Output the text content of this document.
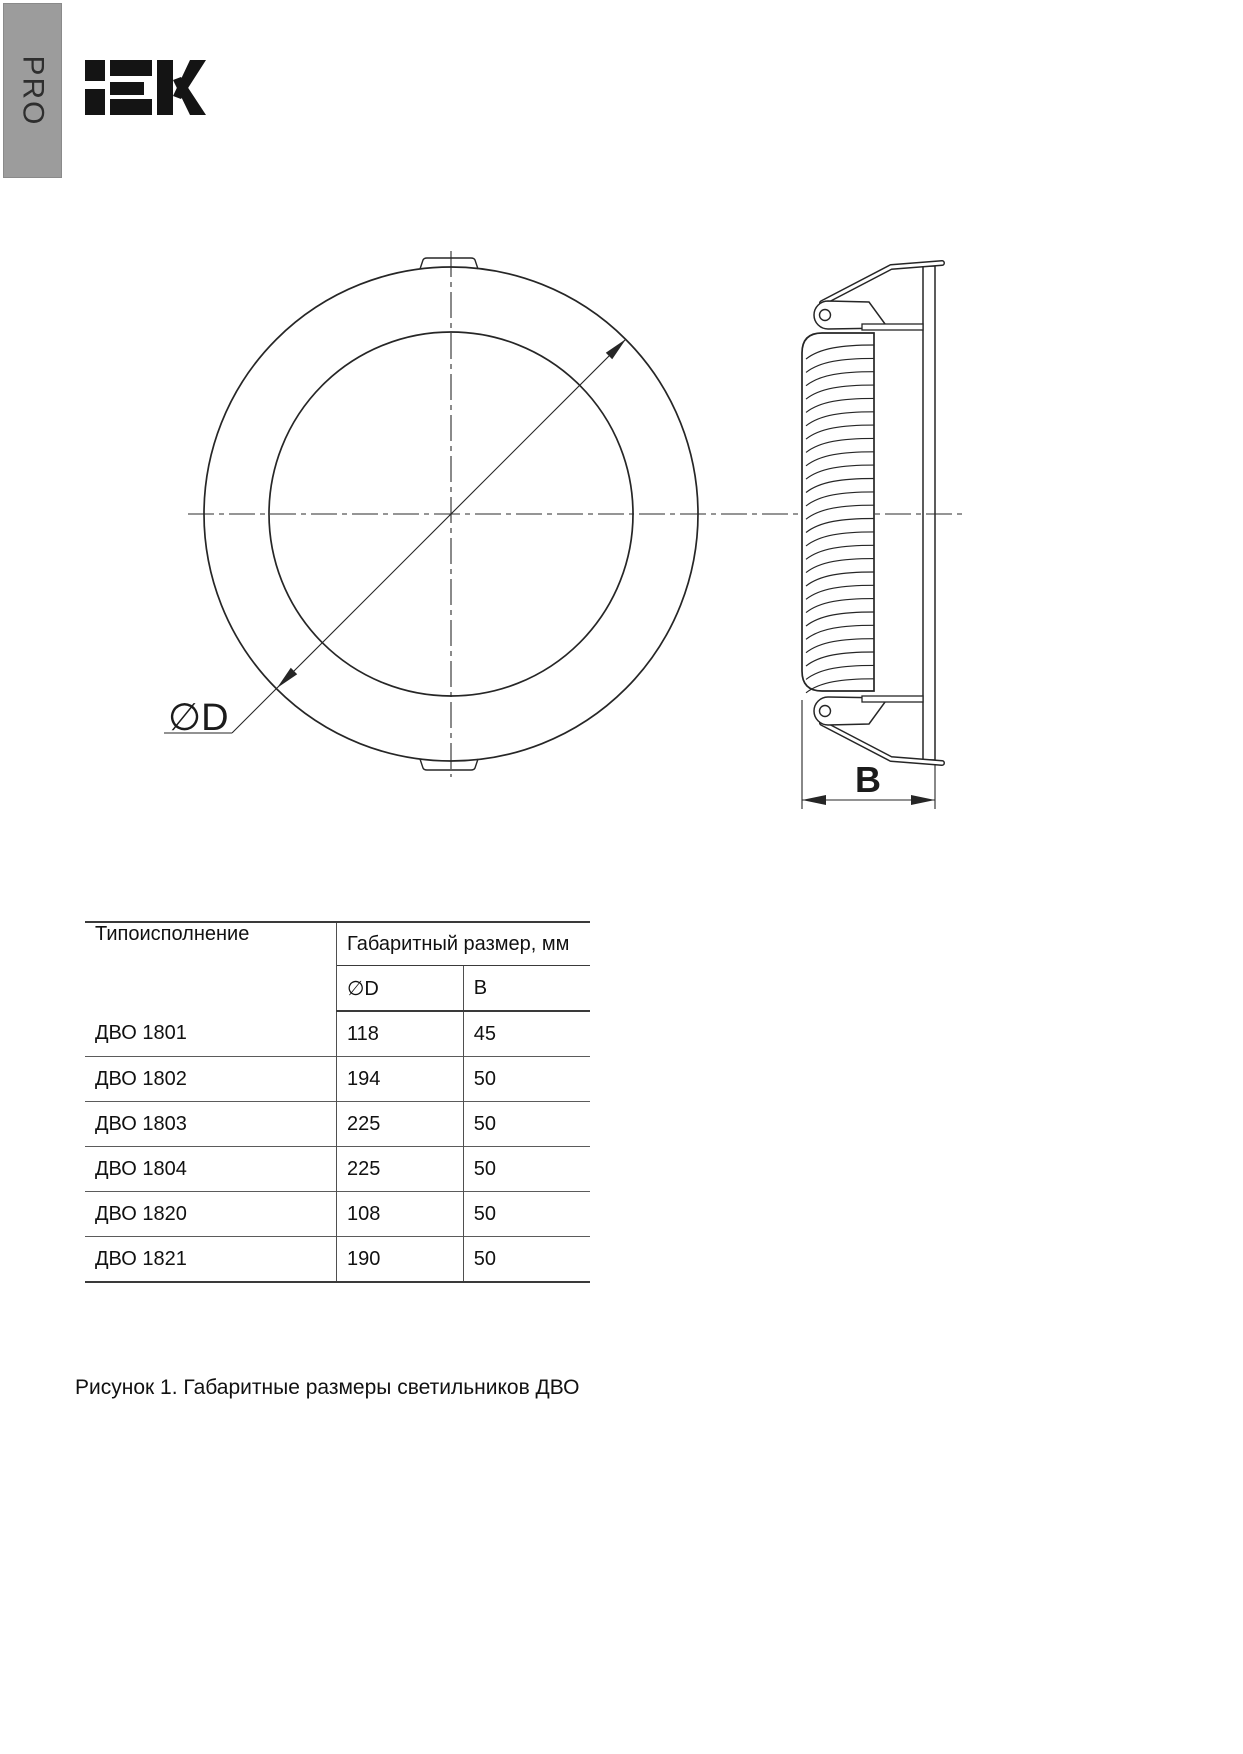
PRO
∅D
B
Типоисполнение	Габаритный размер, мм	
	∅D	B
ДВО 1801	118	45
ДВО 1802	194	50
ДВО 1803	225	50
ДВО 1804	225	50
ДВО 1820	108	50
ДВО 1821	190	50
Рисунок 1. Габаритные размеры светильников ДВО
